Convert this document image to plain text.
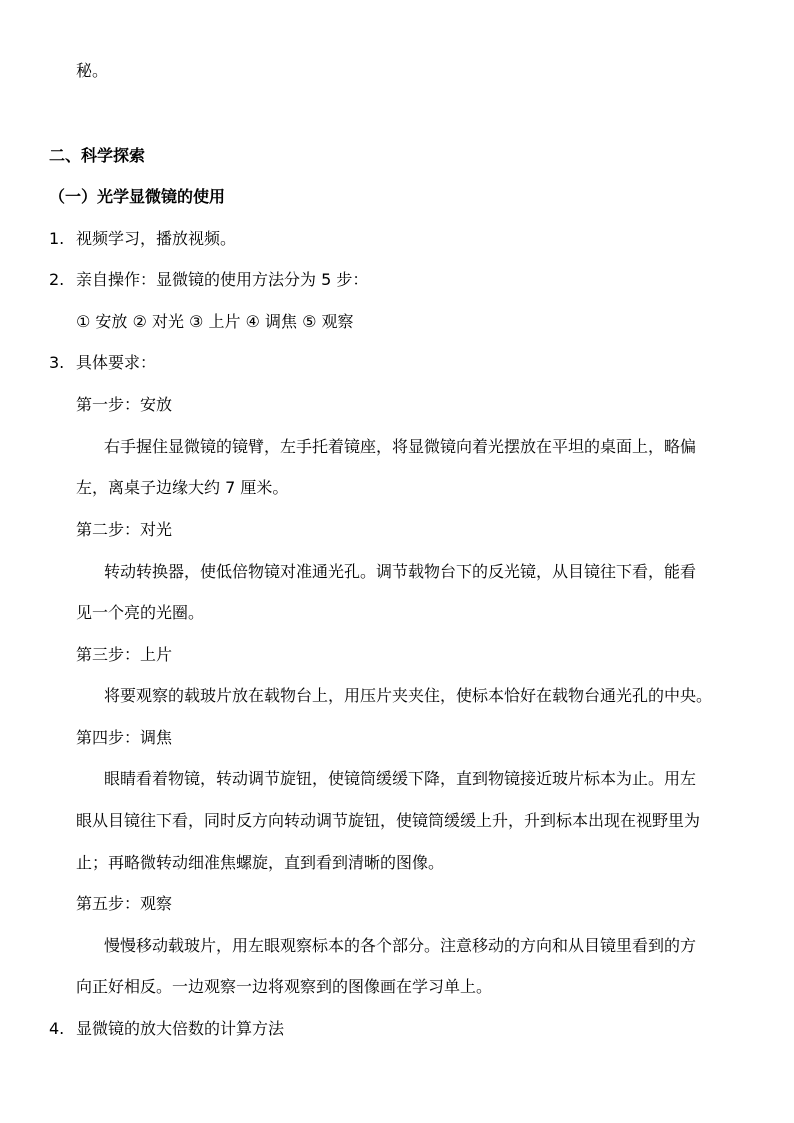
秘。
二、科学探索
（一）光学显微镜的使用
1. 视频学习，播放视频。
2. 亲自操作：显微镜的使用方法分为 5 步：
① 安放 ② 对光 ③ 上片 ④ 调焦 ⑤ 观察
3. 具体要求：
第一步：安放
右手握住显微镜的镜臂，左手托着镜座，将显微镜向着光摆放在平坦的桌面上，略偏
左，离桌子边缘大约 7 厘米。
第二步：对光
转动转换器，使低倍物镜对准通光孔。调节载物台下的反光镜，从目镜往下看，能看
见一个亮的光圈。
第三步：上片
将要观察的载玻片放在载物台上，用压片夹夹住，使标本恰好在载物台通光孔的中央。
第四步：调焦
眼睛看着物镜，转动调节旋钮，使镜筒缓缓下降，直到物镜接近玻片标本为止。用左
眼从目镜往下看，同时反方向转动调节旋钮，使镜筒缓缓上升，升到标本出现在视野里为
止；再略微转动细准焦螺旋，直到看到清晰的图像。
第五步：观察
慢慢移动载玻片，用左眼观察标本的各个部分。注意移动的方向和从目镜里看到的方
向正好相反。一边观察一边将观察到的图像画在学习单上。
4. 显微镜的放大倍数的计算方法
